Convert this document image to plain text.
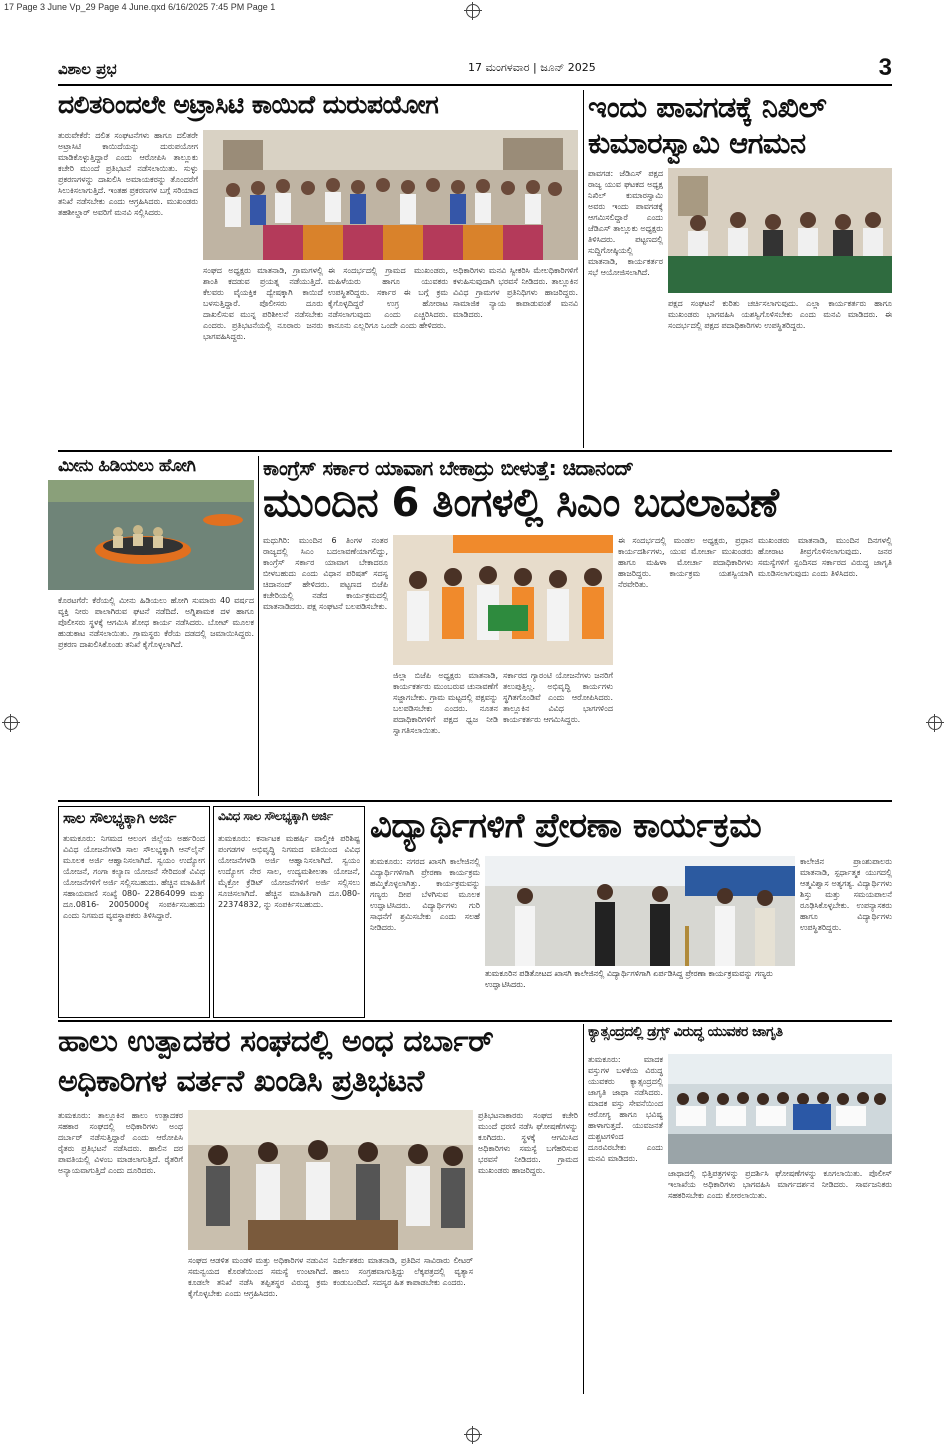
17 Page 3 June Vp_29 Page 4 June.qxd 6/16/2025 7:45 PM Page 1
ವಿಶಾಲ ಪ್ರಭ	17 ಮಂಗಳವಾರ | ಜೂನ್ 2025	3
ದಲಿತರಿಂದಲೇ ಅಟ್ರಾಸಿಟಿ ಕಾಯಿದೆ ದುರುಪಯೋಗ
ತುರುವೇಕೆರೆ: ದಲಿತ ಸಂಘಟನೆಗಳು ಹಾಗೂ ದಲಿತರೇ ಅಟ್ರಾಸಿಟಿ ಕಾಯಿದೆಯನ್ನು ದುರುಪಯೋಗ ಮಾಡಿಕೊಳ್ಳುತ್ತಿದ್ದಾರೆ ಎಂದು ಆರೋಪಿಸಿ ತಾಲ್ಲೂಕು ಕಚೇರಿ ಮುಂದೆ ಪ್ರತಿಭಟನೆ ನಡೆಸಲಾಯಿತು. ಸುಳ್ಳು ಪ್ರಕರಣಗಳನ್ನು ದಾಖಲಿಸಿ ಅಮಾಯಕರನ್ನು ತೊಂದರೆಗೆ ಸಿಲುಕಿಸಲಾಗುತ್ತಿದೆ. ಇಂತಹ ಪ್ರಕರಣಗಳ ಬಗ್ಗೆ ಸರಿಯಾದ ತನಿಖೆ ನಡೆಸಬೇಕು ಎಂದು ಆಗ್ರಹಿಸಿದರು. ಮುಖಂಡರು ತಹಶೀಲ್ದಾರ್ ಅವರಿಗೆ ಮನವಿ ಸಲ್ಲಿಸಿದರು.
ಸಂಘದ ಅಧ್ಯಕ್ಷರು ಮಾತನಾಡಿ, ಗ್ರಾಮಗಳಲ್ಲಿ ಶಾಂತಿ ಕದಡುವ ಪ್ರಯತ್ನ ನಡೆಯುತ್ತಿದೆ. ಕೆಲವರು ವೈಯಕ್ತಿಕ ದ್ವೇಷಕ್ಕಾಗಿ ಕಾಯಿದೆ ಬಳಸುತ್ತಿದ್ದಾರೆ. ಪೊಲೀಸರು ದೂರು ದಾಖಲಿಸುವ ಮುನ್ನ ಪರಿಶೀಲನೆ ನಡೆಸಬೇಕು ಎಂದರು. ಪ್ರತಿಭಟನೆಯಲ್ಲಿ ನೂರಾರು ಜನರು ಭಾಗವಹಿಸಿದ್ದರು.
ಈ ಸಂದರ್ಭದಲ್ಲಿ ಗ್ರಾಮದ ಮುಖಂಡರು, ಮಹಿಳೆಯರು ಹಾಗೂ ಯುವಕರು ಉಪಸ್ಥಿತರಿದ್ದರು. ಸರ್ಕಾರ ಈ ಬಗ್ಗೆ ಕ್ರಮ ಕೈಗೊಳ್ಳದಿದ್ದರೆ ಉಗ್ರ ಹೋರಾಟ ನಡೆಸಲಾಗುವುದು ಎಂದು ಎಚ್ಚರಿಸಿದರು. ಕಾನೂನು ಎಲ್ಲರಿಗೂ ಒಂದೇ ಎಂದು ಹೇಳಿದರು.
ಅಧಿಕಾರಿಗಳು ಮನವಿ ಸ್ವೀಕರಿಸಿ ಮೇಲಧಿಕಾರಿಗಳಿಗೆ ಕಳುಹಿಸುವುದಾಗಿ ಭರವಸೆ ನೀಡಿದರು. ತಾಲ್ಲೂಕಿನ ವಿವಿಧ ಗ್ರಾಮಗಳ ಪ್ರತಿನಿಧಿಗಳು ಹಾಜರಿದ್ದರು. ಸಾಮಾಜಿಕ ನ್ಯಾಯ ಕಾಪಾಡುವಂತೆ ಮನವಿ ಮಾಡಿದರು.
ಇಂದು ಪಾವಗಡಕ್ಕೆ ನಿಖಿಲ್
ಕುಮಾರಸ್ವಾಮಿ ಆಗಮನ
ಪಾವಗಡ: ಜೆಡಿಎಸ್ ಪಕ್ಷದ ರಾಜ್ಯ ಯುವ ಘಟಕದ ಅಧ್ಯಕ್ಷ ನಿಖಿಲ್ ಕುಮಾರಸ್ವಾಮಿ ಅವರು ಇಂದು ಪಾವಗಡಕ್ಕೆ ಆಗಮಿಸಲಿದ್ದಾರೆ ಎಂದು ಜೆಡಿಎಸ್ ತಾಲ್ಲೂಕು ಅಧ್ಯಕ್ಷರು ತಿಳಿಸಿದರು. ಪಟ್ಟಣದಲ್ಲಿ ಸುದ್ದಿಗೋಷ್ಠಿಯಲ್ಲಿ ಮಾತನಾಡಿ, ಕಾರ್ಯಕರ್ತರ ಸಭೆ ಆಯೋಜಿಸಲಾಗಿದೆ.
ಪಕ್ಷದ ಸಂಘಟನೆ ಕುರಿತು ಚರ್ಚಿಸಲಾಗುವುದು. ಎಲ್ಲಾ ಕಾರ್ಯಕರ್ತರು ಹಾಗೂ ಮುಖಂಡರು ಭಾಗವಹಿಸಿ ಯಶಸ್ವಿಗೊಳಿಸಬೇಕು ಎಂದು ಮನವಿ ಮಾಡಿದರು. ಈ ಸಂದರ್ಭದಲ್ಲಿ ಪಕ್ಷದ ಪದಾಧಿಕಾರಿಗಳು ಉಪಸ್ಥಿತರಿದ್ದರು.
ಮೀನು ಹಿಡಿಯಲು ಹೋಗಿ
ಕೊರಟಗೆರೆ: ಕೆರೆಯಲ್ಲಿ ಮೀನು ಹಿಡಿಯಲು ಹೋಗಿ ಸುಮಾರು 40 ವರ್ಷದ ವ್ಯಕ್ತಿ ನೀರು ಪಾಲಾಗಿರುವ ಘಟನೆ ನಡೆದಿದೆ. ಅಗ್ನಿಶಾಮಕ ದಳ ಹಾಗೂ ಪೊಲೀಸರು ಸ್ಥಳಕ್ಕೆ ಆಗಮಿಸಿ ಶೋಧ ಕಾರ್ಯ ನಡೆಸಿದರು. ಬೋಟ್ ಮೂಲಕ ಹುಡುಕಾಟ ನಡೆಸಲಾಯಿತು. ಗ್ರಾಮಸ್ಥರು ಕೆರೆಯ ದಡದಲ್ಲಿ ಜಮಾಯಿಸಿದ್ದರು. ಪ್ರಕರಣ ದಾಖಲಿಸಿಕೊಂಡು ತನಿಖೆ ಕೈಗೊಳ್ಳಲಾಗಿದೆ.
ಕಾಂಗ್ರೆಸ್ ಸರ್ಕಾರ ಯಾವಾಗ ಬೇಕಾದ್ರು ಬೀಳುತ್ತೆ: ಚಿದಾನಂದ್
ಮುಂದಿನ 6 ತಿಂಗಳಲ್ಲಿ ಸಿಎಂ ಬದಲಾವಣೆ
ಮಧುಗಿರಿ: ಮುಂದಿನ 6 ತಿಂಗಳ ನಂತರ ರಾಜ್ಯದಲ್ಲಿ ಸಿಎಂ ಬದಲಾವಣೆಯಾಗಲಿದ್ದು, ಕಾಂಗ್ರೆಸ್ ಸರ್ಕಾರ ಯಾವಾಗ ಬೇಕಾದರೂ ಬೀಳಬಹುದು ಎಂದು ವಿಧಾನ ಪರಿಷತ್ ಸದಸ್ಯ ಚಿದಾನಂದ್ ಹೇಳಿದರು. ಪಟ್ಟಣದ ಬಿಜೆಪಿ ಕಚೇರಿಯಲ್ಲಿ ನಡೆದ ಕಾರ್ಯಕ್ರಮದಲ್ಲಿ ಮಾತನಾಡಿದರು. ಪಕ್ಷ ಸಂಘಟನೆ ಬಲಪಡಿಸಬೇಕು.
ಜಿಲ್ಲಾ ಬಿಜೆಪಿ ಅಧ್ಯಕ್ಷರು ಮಾತನಾಡಿ, ಕಾರ್ಯಕರ್ತರು ಮುಂಬರುವ ಚುನಾವಣೆಗೆ ಸಜ್ಜಾಗಬೇಕು. ಗ್ರಾಮ ಮಟ್ಟದಲ್ಲಿ ಪಕ್ಷವನ್ನು ಬಲಪಡಿಸಬೇಕು ಎಂದರು. ನೂತನ ಪದಾಧಿಕಾರಿಗಳಿಗೆ ಪಕ್ಷದ ಧ್ವಜ ನೀಡಿ ಸ್ವಾಗತಿಸಲಾಯಿತು.
ಸರ್ಕಾರದ ಗ್ಯಾರಂಟಿ ಯೋಜನೆಗಳು ಜನರಿಗೆ ತಲುಪುತ್ತಿಲ್ಲ. ಅಭಿವೃದ್ಧಿ ಕಾರ್ಯಗಳು ಸ್ಥಗಿತಗೊಂಡಿವೆ ಎಂದು ಆರೋಪಿಸಿದರು. ತಾಲ್ಲೂಕಿನ ವಿವಿಧ ಭಾಗಗಳಿಂದ ಕಾರ್ಯಕರ್ತರು ಆಗಮಿಸಿದ್ದರು.
ಈ ಸಂದರ್ಭದಲ್ಲಿ ಮಂಡಲ ಅಧ್ಯಕ್ಷರು, ಪ್ರಧಾನ ಕಾರ್ಯದರ್ಶಿಗಳು, ಯುವ ಮೋರ್ಚಾ ಮುಖಂಡರು ಹಾಗೂ ಮಹಿಳಾ ಮೋರ್ಚಾ ಪದಾಧಿಕಾರಿಗಳು ಹಾಜರಿದ್ದರು. ಕಾರ್ಯಕ್ರಮ ಯಶಸ್ವಿಯಾಗಿ ನೆರವೇರಿತು.
ಮುಖಂಡರು ಮಾತನಾಡಿ, ಮುಂದಿನ ದಿನಗಳಲ್ಲಿ ಹೋರಾಟ ತೀವ್ರಗೊಳಿಸಲಾಗುವುದು. ಜನರ ಸಮಸ್ಯೆಗಳಿಗೆ ಸ್ಪಂದಿಸದ ಸರ್ಕಾರದ ವಿರುದ್ಧ ಜಾಗೃತಿ ಮೂಡಿಸಲಾಗುವುದು ಎಂದು ತಿಳಿಸಿದರು.
ಸಾಲ ಸೌಲಭ್ಯಕ್ಕಾಗಿ ಅರ್ಜಿ
ತುಮಕೂರು: ನಿಗಮದ ಆಲಂಗ ಜಿಲ್ಲೆಯ ಅರ್ಹರಿಂದ ವಿವಿಧ ಯೋಜನೆಗಳಡಿ ಸಾಲ ಸೌಲಭ್ಯಕ್ಕಾಗಿ ಆನ್‌ಲೈನ್ ಮೂಲಕ ಅರ್ಜಿ ಆಹ್ವಾನಿಸಲಾಗಿದೆ. ಸ್ವಯಂ ಉದ್ಯೋಗ ಯೋಜನೆ, ಗಂಗಾ ಕಲ್ಯಾಣ ಯೋಜನೆ ಸೇರಿದಂತೆ ವಿವಿಧ ಯೋಜನೆಗಳಿಗೆ ಅರ್ಜಿ ಸಲ್ಲಿಸಬಹುದು. ಹೆಚ್ಚಿನ ಮಾಹಿತಿಗೆ ಸಹಾಯವಾಣಿ ಸಂಖ್ಯೆ 080- 22864099 ಮತ್ತು ದೂ.0816- 2005000ಕ್ಕೆ ಸಂಪರ್ಕಿಸಬಹುದು ಎಂದು ನಿಗಮದ ವ್ಯವಸ್ಥಾಪಕರು ತಿಳಿಸಿದ್ದಾರೆ.
ವಿವಿಧ ಸಾಲ ಸೌಲಭ್ಯಕ್ಕಾಗಿ ಅರ್ಜಿ
ತುಮಕೂರು: ಕರ್ನಾಟಕ ಮಹರ್ಷಿ ವಾಲ್ಮೀಕಿ ಪರಿಶಿಷ್ಟ ಪಂಗಡಗಳ ಅಭಿವೃದ್ಧಿ ನಿಗಮದ ವತಿಯಿಂದ ವಿವಿಧ ಯೋಜನೆಗಳಡಿ ಅರ್ಜಿ ಆಹ್ವಾನಿಸಲಾಗಿದೆ. ಸ್ವಯಂ ಉದ್ಯೋಗ ನೇರ ಸಾಲ, ಉದ್ಯಮಶೀಲತಾ ಯೋಜನೆ, ಮೈಕ್ರೋ ಕ್ರೆಡಿಟ್ ಯೋಜನೆಗಳಿಗೆ ಅರ್ಜಿ ಸಲ್ಲಿಸಲು ಸೂಚಿಸಲಾಗಿದೆ. ಹೆಚ್ಚಿನ ಮಾಹಿತಿಗಾಗಿ ದೂ.080- 22374832, ನ್ನು ಸಂಪರ್ಕಿಸಬಹುದು.
ವಿದ್ಯಾರ್ಥಿಗಳಿಗೆ ಪ್ರೇರಣಾ ಕಾರ್ಯಕ್ರಮ
ತುಮಕೂರು: ನಗರದ ಖಾಸಗಿ ಕಾಲೇಜಿನಲ್ಲಿ ವಿದ್ಯಾರ್ಥಿಗಳಿಗಾಗಿ ಪ್ರೇರಣಾ ಕಾರ್ಯಕ್ರಮ ಹಮ್ಮಿಕೊಳ್ಳಲಾಗಿತ್ತು. ಕಾರ್ಯಕ್ರಮವನ್ನು ಗಣ್ಯರು ದೀಪ ಬೆಳಗಿಸುವ ಮೂಲಕ ಉದ್ಘಾಟಿಸಿದರು. ವಿದ್ಯಾರ್ಥಿಗಳು ಗುರಿ ಸಾಧನೆಗೆ ಶ್ರಮಿಸಬೇಕು ಎಂದು ಸಲಹೆ ನೀಡಿದರು.
ಕಾಲೇಜಿನ ಪ್ರಾಂಶುಪಾಲರು ಮಾತನಾಡಿ, ಸ್ಪರ್ಧಾತ್ಮಕ ಯುಗದಲ್ಲಿ ಆತ್ಮವಿಶ್ವಾಸ ಅತ್ಯಗತ್ಯ. ವಿದ್ಯಾರ್ಥಿಗಳು ಶಿಸ್ತು ಮತ್ತು ಸಮಯಪಾಲನೆ ರೂಢಿಸಿಕೊಳ್ಳಬೇಕು. ಉಪನ್ಯಾಸಕರು ಹಾಗೂ ವಿದ್ಯಾರ್ಥಿಗಳು ಉಪಸ್ಥಿತರಿದ್ದರು.
ತುಮಕೂರಿನ ಪಡಿತೋಟದ ಖಾಸಗಿ ಕಾಲೇಜಿನಲ್ಲಿ ವಿದ್ಯಾರ್ಥಿಗಳಿಗಾಗಿ ಏರ್ಪಡಿಸಿದ್ದ ಪ್ರೇರಣಾ ಕಾರ್ಯಕ್ರಮವನ್ನು ಗಣ್ಯರು ಉದ್ಘಾಟಿಸಿದರು.
ಹಾಲು ಉತ್ಪಾದಕರ ಸಂಘದಲ್ಲಿ ಅಂಧ ದರ್ಬಾರ್
ಅಧಿಕಾರಿಗಳ ವರ್ತನೆ ಖಂಡಿಸಿ ಪ್ರತಿಭಟನೆ
ತುಮಕೂರು: ತಾಲ್ಲೂಕಿನ ಹಾಲು ಉತ್ಪಾದಕರ ಸಹಕಾರ ಸಂಘದಲ್ಲಿ ಅಧಿಕಾರಿಗಳು ಅಂಧ ದರ್ಬಾರ್ ನಡೆಸುತ್ತಿದ್ದಾರೆ ಎಂದು ಆರೋಪಿಸಿ ರೈತರು ಪ್ರತಿಭಟನೆ ನಡೆಸಿದರು. ಹಾಲಿನ ದರ ಪಾವತಿಯಲ್ಲಿ ವಿಳಂಬ ಮಾಡಲಾಗುತ್ತಿದೆ. ರೈತರಿಗೆ ಅನ್ಯಾಯವಾಗುತ್ತಿದೆ ಎಂದು ದೂರಿದರು.
ಸಂಘದ ಆಡಳಿತ ಮಂಡಳಿ ಮತ್ತು ಅಧಿಕಾರಿಗಳ ನಡುವಿನ ಸಮನ್ವಯದ ಕೊರತೆಯಿಂದ ಸಮಸ್ಯೆ ಉಂಟಾಗಿದೆ. ಕೂಡಲೇ ತನಿಖೆ ನಡೆಸಿ ತಪ್ಪಿತಸ್ಥರ ವಿರುದ್ಧ ಕ್ರಮ ಕೈಗೊಳ್ಳಬೇಕು ಎಂದು ಆಗ್ರಹಿಸಿದರು.
ನಿರ್ದೇಶಕರು ಮಾತನಾಡಿ, ಪ್ರತಿದಿನ ಸಾವಿರಾರು ಲೀಟರ್ ಹಾಲು ಸಂಗ್ರಹವಾಗುತ್ತಿದ್ದು ಲೆಕ್ಕಪತ್ರದಲ್ಲಿ ವ್ಯತ್ಯಾಸ ಕಂಡುಬಂದಿದೆ. ಸದಸ್ಯರ ಹಿತ ಕಾಪಾಡಬೇಕು ಎಂದರು.
ಪ್ರತಿಭಟನಾಕಾರರು ಸಂಘದ ಕಚೇರಿ ಮುಂದೆ ಧರಣಿ ನಡೆಸಿ ಘೋಷಣೆಗಳನ್ನು ಕೂಗಿದರು. ಸ್ಥಳಕ್ಕೆ ಆಗಮಿಸಿದ ಅಧಿಕಾರಿಗಳು ಸಮಸ್ಯೆ ಬಗೆಹರಿಸುವ ಭರವಸೆ ನೀಡಿದರು. ಗ್ರಾಮದ ಮುಖಂಡರು ಹಾಜರಿದ್ದರು.
ಕ್ಯಾತ್ಸಂದ್ರದಲ್ಲಿ ಡ್ರಗ್ಸ್ ವಿರುದ್ಧ ಯುವಕರ ಜಾಗೃತಿ
ತುಮಕೂರು: ಮಾದಕ ವಸ್ತುಗಳ ಬಳಕೆಯ ವಿರುದ್ಧ ಯುವಕರು ಕ್ಯಾತ್ಸಂದ್ರದಲ್ಲಿ ಜಾಗೃತಿ ಜಾಥಾ ನಡೆಸಿದರು. ಮಾದಕ ವಸ್ತು ಸೇವನೆಯಿಂದ ಆರೋಗ್ಯ ಹಾಗೂ ಭವಿಷ್ಯ ಹಾಳಾಗುತ್ತದೆ. ಯುವಜನತೆ ದುಶ್ಚಟಗಳಿಂದ ದೂರವಿರಬೇಕು ಎಂದು ಮನವಿ ಮಾಡಿದರು.
ಜಾಥಾದಲ್ಲಿ ಭಿತ್ತಿಪತ್ರಗಳನ್ನು ಪ್ರದರ್ಶಿಸಿ ಘೋಷಣೆಗಳನ್ನು ಕೂಗಲಾಯಿತು. ಪೊಲೀಸ್ ಇಲಾಖೆಯ ಅಧಿಕಾರಿಗಳು ಭಾಗವಹಿಸಿ ಮಾರ್ಗದರ್ಶನ ನೀಡಿದರು. ಸಾರ್ವಜನಿಕರು ಸಹಕರಿಸಬೇಕು ಎಂದು ಕೋರಲಾಯಿತು.
